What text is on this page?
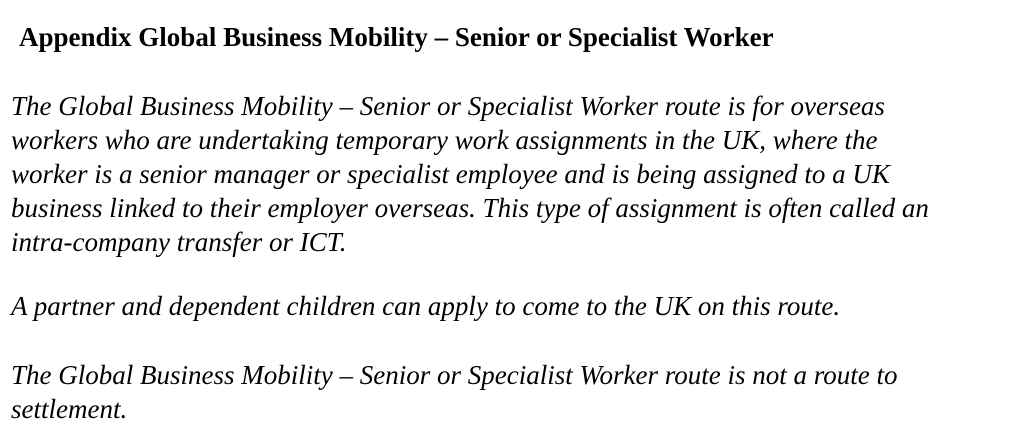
Appendix Global Business Mobility – Senior or Specialist Worker

The Global Business Mobility – Senior or Specialist Worker route is for overseas
workers who are undertaking temporary work assignments in the UK, where the
worker is a senior manager or specialist employee and is being assigned to a UK
business linked to their employer overseas. This type of assignment is often called an
intra-company transfer or ICT.

A partner and dependent children can apply to come to the UK on this route.

The Global Business Mobility – Senior or Specialist Worker route is not a route to
settlement.
